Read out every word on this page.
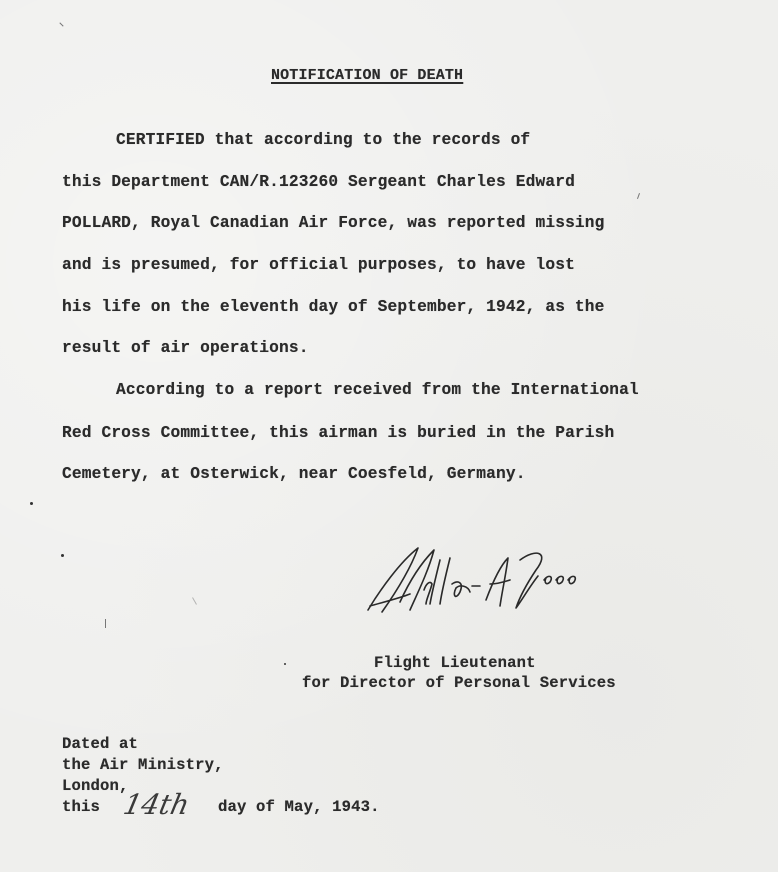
NOTIFICATION OF DEATH
CERTIFIED that according to the records of
this Department CAN/R.123260 Sergeant Charles Edward
POLLARD, Royal Canadian Air Force, was reported missing
and is presumed, for official purposes, to have lost
his life on the eleventh day of September, 1942, as the
result of air operations.
According to a report received from the International
Red Cross Committee, this airman is buried in the Parish
Cemetery, at Osterwick, near Coesfeld, Germany.
Flight Lieutenant
for Director of Personal Services
Dated at
the Air Ministry,
London,
this 14th day of May, 1943.
